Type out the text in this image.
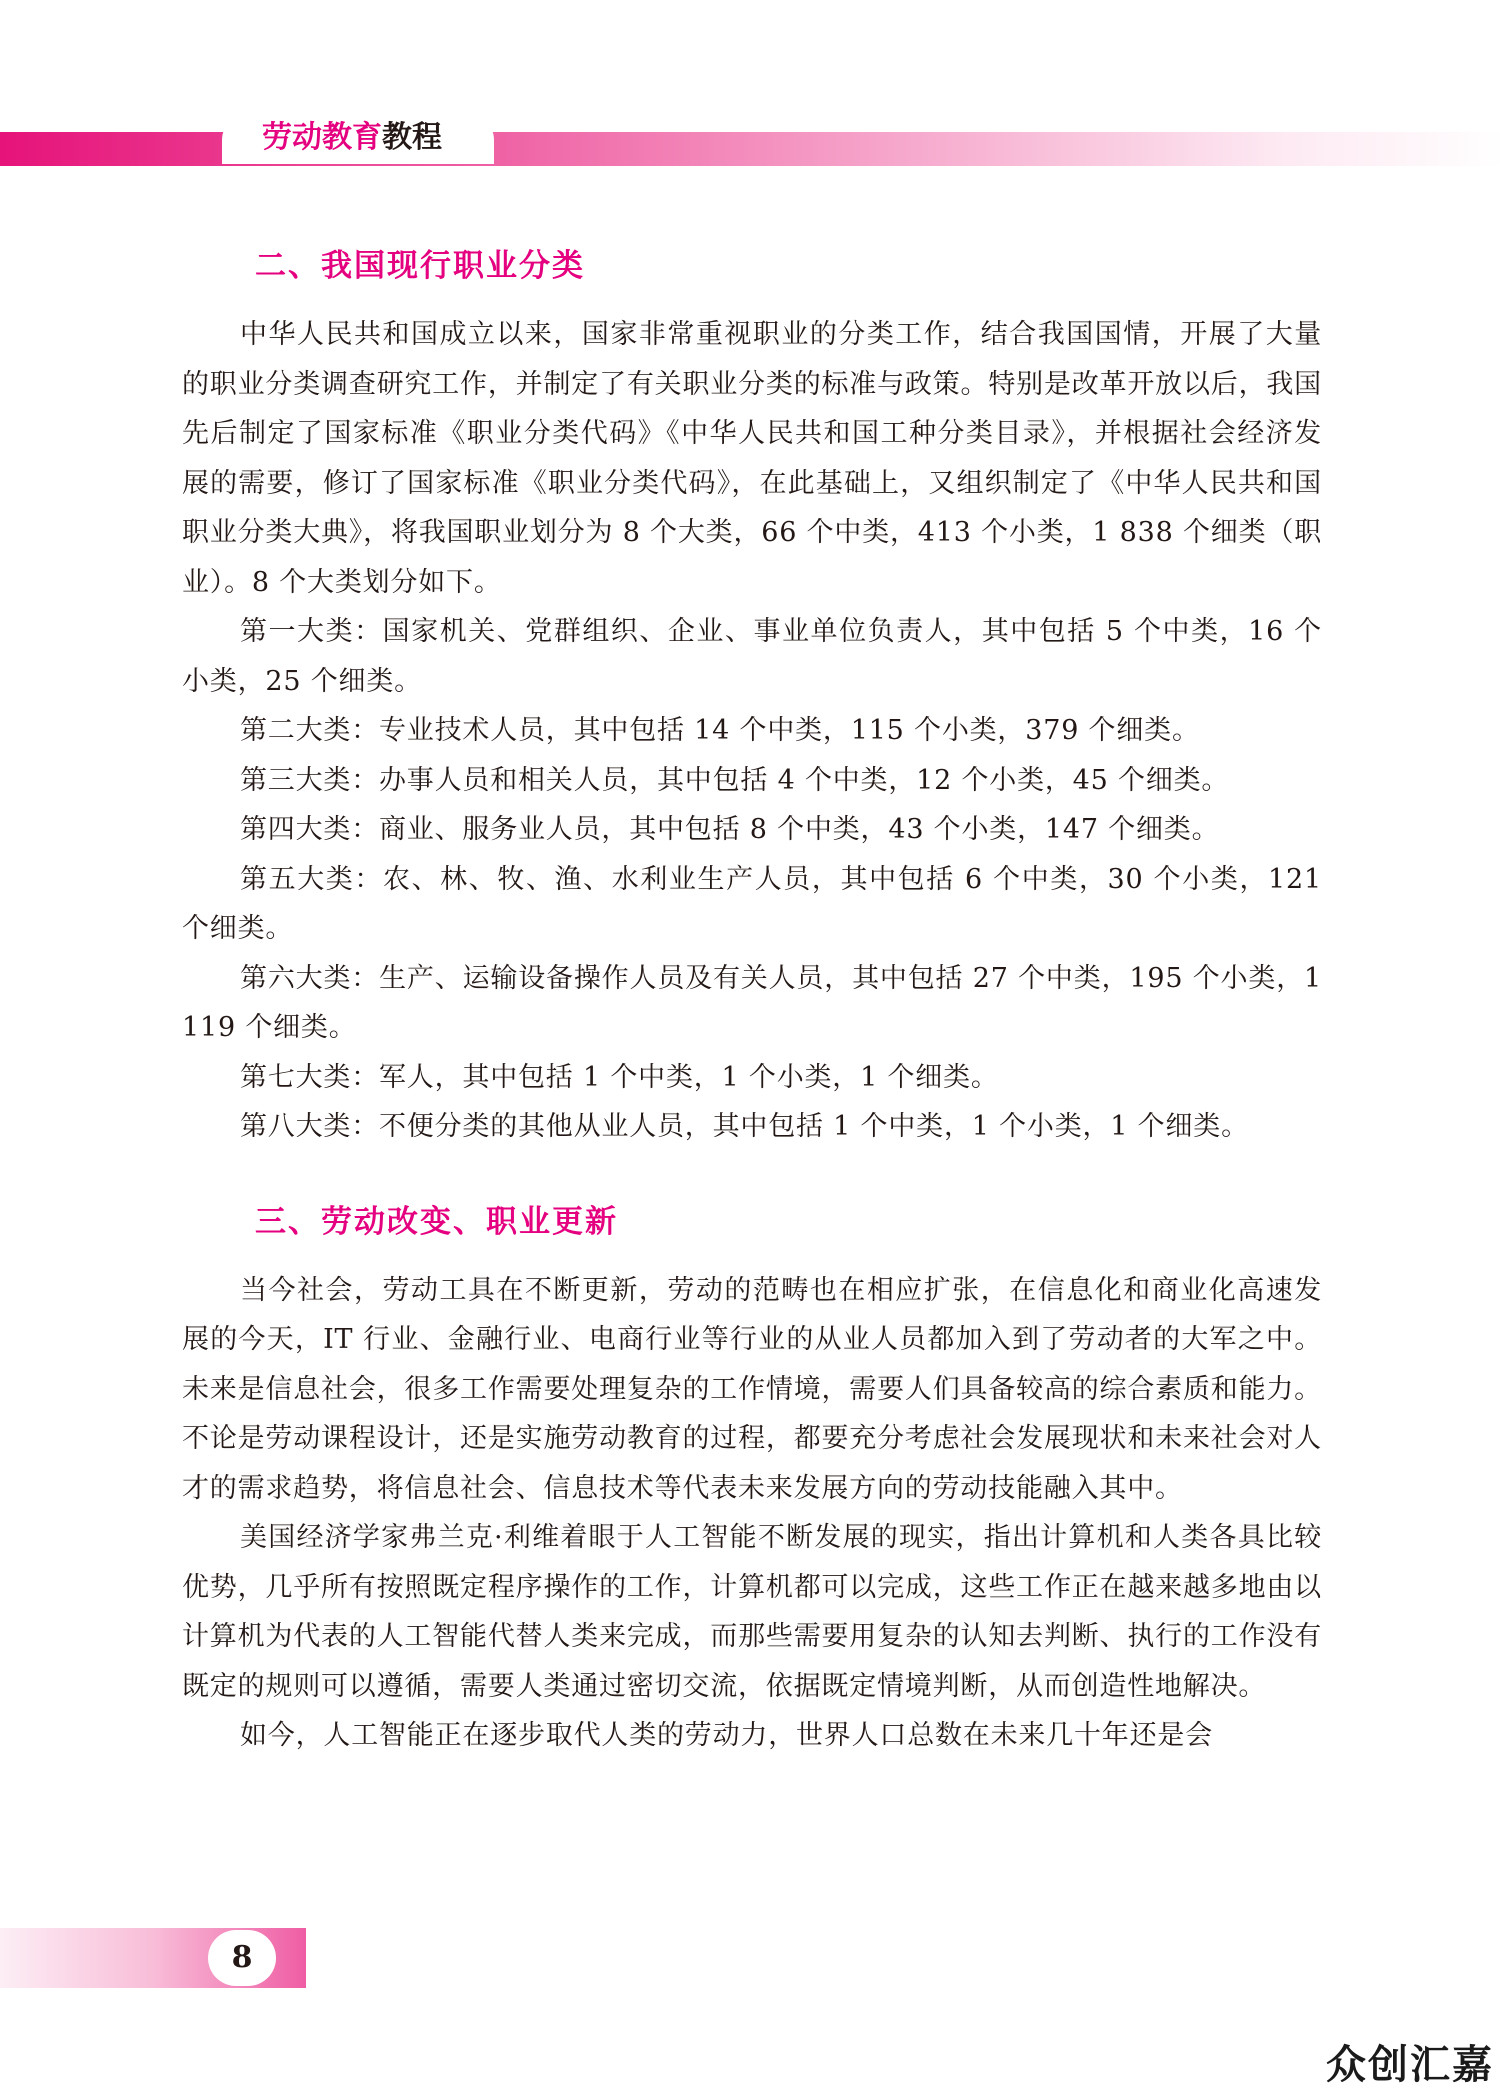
劳动教育教程
二、我国现行职业分类

中华人民共和国成立以来，国家非常重视职业的分类工作，结合我国国情，开展了大量的职业分类调查研究工作，并制定了有关职业分类的标准与政策。特别是改革开放以后，我国先后制定了国家标准《职业分类代码》《中华人民共和国工种分类目录》，并根据社会经济发展的需要，修订了国家标准《职业分类代码》，在此基础上，又组织制定了《中华人民共和国职业分类大典》，将我国职业划分为 8 个大类，66 个中类，413 个小类，1 838 个细类（职业）。8 个大类划分如下。

第一大类：国家机关、党群组织、企业、事业单位负责人，其中包括 5 个中类，16 个小类，25 个细类。

第二大类：专业技术人员，其中包括 14 个中类，115 个小类，379 个细类。

第三大类：办事人员和相关人员，其中包括 4 个中类，12 个小类，45 个细类。

第四大类：商业、服务业人员，其中包括 8 个中类，43 个小类，147 个细类。

第五大类：农、林、牧、渔、水利业生产人员，其中包括 6 个中类，30 个小类，121 个细类。

第六大类：生产、运输设备操作人员及有关人员，其中包括 27 个中类，195 个小类，1 119 个细类。

第七大类：军人，其中包括 1 个中类，1 个小类，1 个细类。

第八大类：不便分类的其他从业人员，其中包括 1 个中类，1 个小类，1 个细类。

三、劳动改变、职业更新

当今社会，劳动工具在不断更新，劳动的范畴也在相应扩张，在信息化和商业化高速发展的今天，IT 行业、金融行业、电商行业等行业的从业人员都加入到了劳动者的大军之中。未来是信息社会，很多工作需要处理复杂的工作情境，需要人们具备较高的综合素质和能力。不论是劳动课程设计，还是实施劳动教育的过程，都要充分考虑社会发展现状和未来社会对人才的需求趋势，将信息社会、信息技术等代表未来发展方向的劳动技能融入其中。

美国经济学家弗兰克·利维着眼于人工智能不断发展的现实，指出计算机和人类各具比较优势，几乎所有按照既定程序操作的工作，计算机都可以完成，这些工作正在越来越多地由以计算机为代表的人工智能代替人类来完成，而那些需要用复杂的认知去判断、执行的工作没有既定的规则可以遵循，需要人类通过密切交流，依据既定情境判断，从而创造性地解决。

如今，人工智能正在逐步取代人类的劳动力，世界人口总数在未来几十年还是会

8
众创汇嘉
